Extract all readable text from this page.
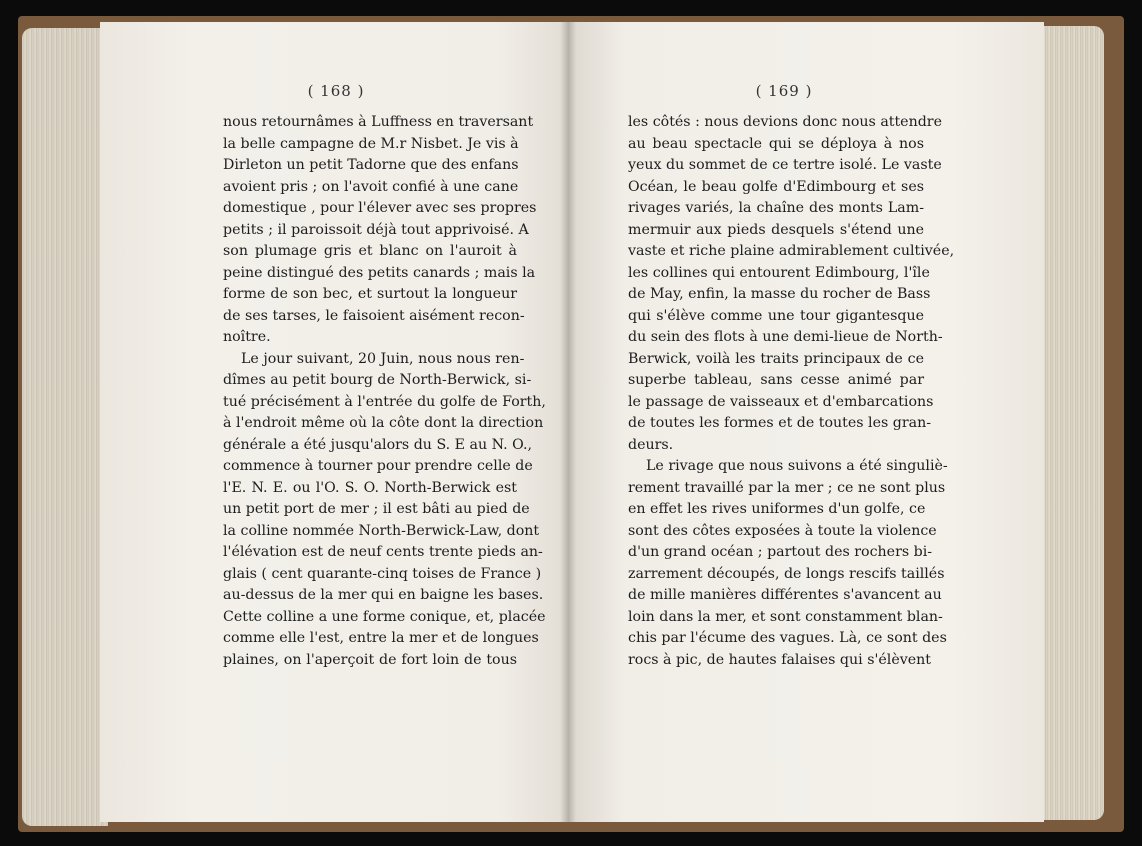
( 168 )	( 169 )
nous retournâmes à Luffness en traversant
la belle campagne de M.r Nisbet. Je vis à
Dirleton un petit Tadorne que des enfans
avoient pris ; on l'avoit confié à une cane
domestique , pour l'élever avec ses propres
petits ; il paroissoit déjà tout apprivoisé. A
son plumage gris et blanc on l'auroit à
peine distingué des petits canards ; mais la
forme de son bec, et surtout la longueur
de ses tarses, le faisoient aisément recon-
noître.
Le jour suivant, 20 Juin, nous nous ren-
dîmes au petit bourg de North-Berwick, si-
tué précisément à l'entrée du golfe de Forth,
à l'endroit même où la côte dont la direction
générale a été jusqu'alors du S. E au N. O.,
commence à tourner pour prendre celle de
l'E. N. E. ou l'O. S. O. North-Berwick est
un petit port de mer ; il est bâti au pied de
la colline nommée North-Berwick-Law, dont
l'élévation est de neuf cents trente pieds an-
glais ( cent quarante-cinq toises de France )
au-dessus de la mer qui en baigne les bases.
Cette colline a une forme conique, et, placée
comme elle l'est, entre la mer et de longues
plaines, on l'aperçoit de fort loin de tous
les côtés : nous devions donc nous attendre
au beau spectacle qui se déploya à nos
yeux du sommet de ce tertre isolé. Le vaste
Océan, le beau golfe d'Edimbourg et ses
rivages variés, la chaîne des monts Lam-
mermuir aux pieds desquels s'étend une
vaste et riche plaine admirablement cultivée,
les collines qui entourent Edimbourg, l'île
de May, enfin, la masse du rocher de Bass
qui s'élève comme une tour gigantesque
du sein des flots à une demi-lieue de North-
Berwick, voilà les traits principaux de ce
superbe tableau, sans cesse animé par
le passage de vaisseaux et d'embarcations
de toutes les formes et de toutes les gran-
deurs.
Le rivage que nous suivons a été singuliè-
rement travaillé par la mer ; ce ne sont plus
en effet les rives uniformes d'un golfe, ce
sont des côtes exposées à toute la violence
d'un grand océan ; partout des rochers bi-
zarrement découpés, de longs rescifs taillés
de mille manières différentes s'avancent au
loin dans la mer, et sont constamment blan-
chis par l'écume des vagues. Là, ce sont des
rocs à pic, de hautes falaises qui s'élèvent
